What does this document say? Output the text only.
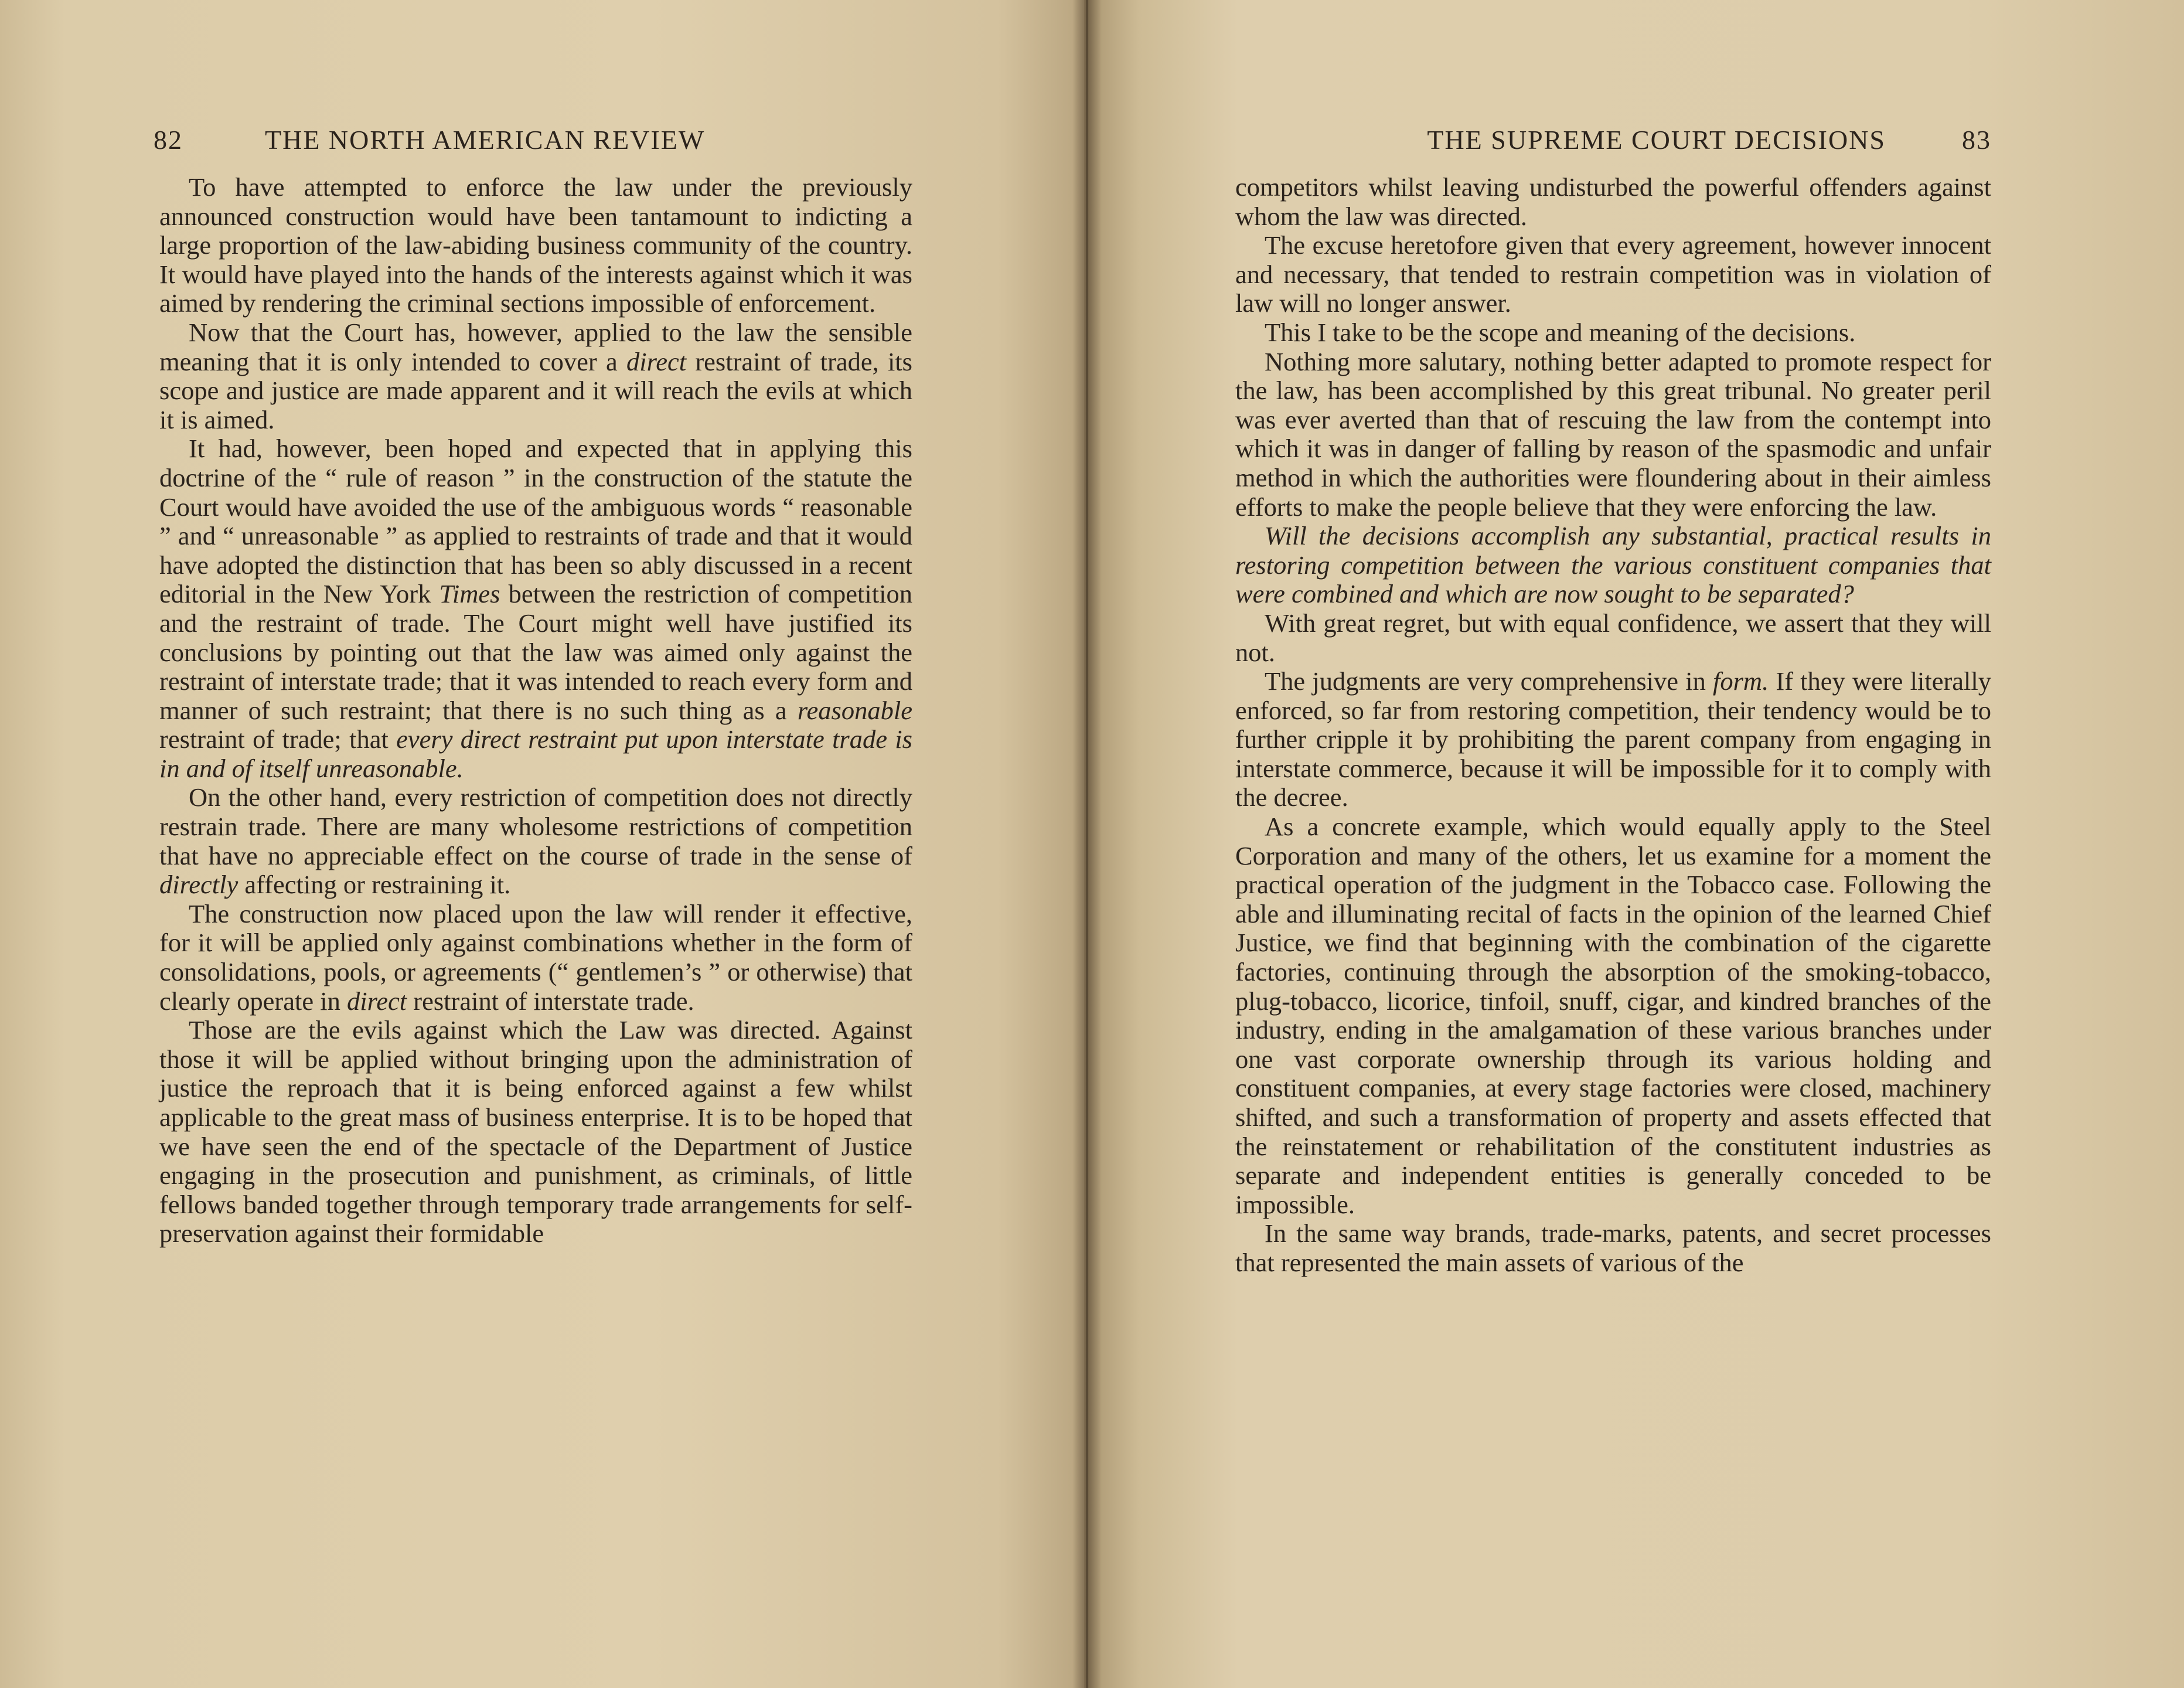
82	THE NORTH AMERICAN REVIEW

To have attempted to enforce the law under the previously announced construction would have been tantamount to indicting a large proportion of the law-abiding business community of the country. It would have played into the hands of the interests against which it was aimed by rendering the criminal sections impossible of enforcement.

Now that the Court has, however, applied to the law the sensible meaning that it is only intended to cover a direct restraint of trade, its scope and justice are made apparent and it will reach the evils at which it is aimed.

It had, however, been hoped and expected that in applying this doctrine of the “ rule of reason ” in the construction of the statute the Court would have avoided the use of the ambiguous words “ reasonable ” and “ unreasonable ” as applied to restraints of trade and that it would have adopted the distinction that has been so ably discussed in a recent editorial in the New York Times between the restriction of competition and the restraint of trade. The Court might well have justified its conclusions by pointing out that the law was aimed only against the restraint of interstate trade; that it was intended to reach every form and manner of such restraint; that there is no such thing as a reasonable restraint of trade; that every direct restraint put upon interstate trade is in and of itself unreasonable.

On the other hand, every restriction of competition does not directly restrain trade. There are many wholesome restrictions of competition that have no appreciable effect on the course of trade in the sense of directly affecting or restraining it.

The construction now placed upon the law will render it effective, for it will be applied only against combinations whether in the form of consolidations, pools, or agreements (“ gentlemen’s ” or otherwise) that clearly operate in direct restraint of interstate trade.

Those are the evils against which the Law was directed. Against those it will be applied without bringing upon the administration of justice the reproach that it is being enforced against a few whilst applicable to the great mass of business enterprise. It is to be hoped that we have seen the end of the spectacle of the Department of Justice engaging in the prosecution and punishment, as criminals, of little fellows banded together through temporary trade arrangements for self-preservation against their formidable

THE SUPREME COURT DECISIONS	83

competitors whilst leaving undisturbed the powerful offenders against whom the law was directed.

The excuse heretofore given that every agreement, however innocent and necessary, that tended to restrain competition was in violation of law will no longer answer.

This I take to be the scope and meaning of the decisions.

Nothing more salutary, nothing better adapted to promote respect for the law, has been accomplished by this great tribunal. No greater peril was ever averted than that of rescuing the law from the contempt into which it was in danger of falling by reason of the spasmodic and unfair method in which the authorities were floundering about in their aimless efforts to make the people believe that they were enforcing the law.

Will the decisions accomplish any substantial, practical results in restoring competition between the various constituent companies that were combined and which are now sought to be separated?

With great regret, but with equal confidence, we assert that they will not.

The judgments are very comprehensive in form. If they were literally enforced, so far from restoring competition, their tendency would be to further cripple it by prohibiting the parent company from engaging in interstate commerce, because it will be impossible for it to comply with the decree.

As a concrete example, which would equally apply to the Steel Corporation and many of the others, let us examine for a moment the practical operation of the judgment in the Tobacco case. Following the able and illuminating recital of facts in the opinion of the learned Chief Justice, we find that beginning with the combination of the cigarette factories, continuing through the absorption of the smoking-tobacco, plug-tobacco, licorice, tinfoil, snuff, cigar, and kindred branches of the industry, ending in the amalgamation of these various branches under one vast corporate ownership through its various holding and constituent companies, at every stage factories were closed, machinery shifted, and such a transformation of property and assets effected that the reinstatement or rehabilitation of the constitutent industries as separate and independent entities is generally conceded to be impossible.

In the same way brands, trade-marks, patents, and secret processes that represented the main assets of various of the
